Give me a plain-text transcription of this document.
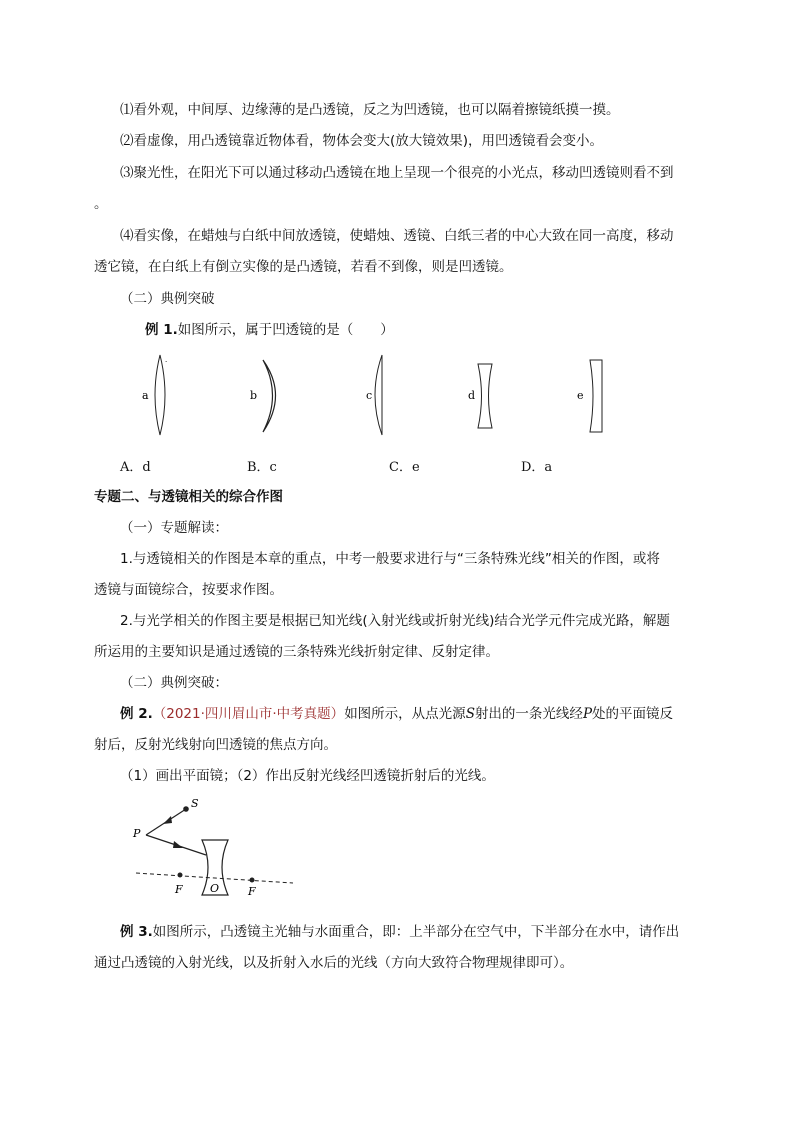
⑴看外观，中间厚、边缘薄的是凸透镜，反之为凹透镜，也可以隔着擦镜纸摸一摸。
⑵看虚像，用凸透镜靠近物体看，物体会变大(放大镜效果)，用凹透镜看会变小。
⑶聚光性，在阳光下可以通过移动凸透镜在地上呈现一个很亮的小光点，移动凹透镜则看不到
。
⑷看实像，在蜡烛与白纸中间放透镜，使蜡烛、透镜、白纸三者的中心大致在同一高度，移动
透它镜，在白纸上有倒立实像的是凸透镜，若看不到像，则是凹透镜。
（二）典例突破
例 1.如图所示，属于凹透镜的是（　　）
a
·
b	c	d	e
A．d	B．c	C．e	D．a
专题二、与透镜相关的综合作图
（一）专题解读：
1.与透镜相关的作图是本章的重点，中考一般要求进行与“三条特殊光线”相关的作图，或将
透镜与面镜综合，按要求作图。
2.与光学相关的作图主要是根据已知光线(入射光线或折射光线)结合光学元件完成光路，解题
所运用的主要知识是通过透镜的三条特殊光线折射定律、反射定律。
（二）典例突破：
例 2.（2021·四川眉山市·中考真题）如图所示，从点光源S射出的一条光线经P处的平面镜反
射后，反射光线射向凹透镜的焦点方向。
（1）画出平面镜；（2）作出反射光线经凹透镜折射后的光线。
S
P
F O	F
例 3.如图所示，凸透镜主光轴与水面重合，即：上半部分在空气中，下半部分在水中，请作出
通过凸透镜的入射光线，以及折射入水后的光线（方向大致符合物理规律即可）。
